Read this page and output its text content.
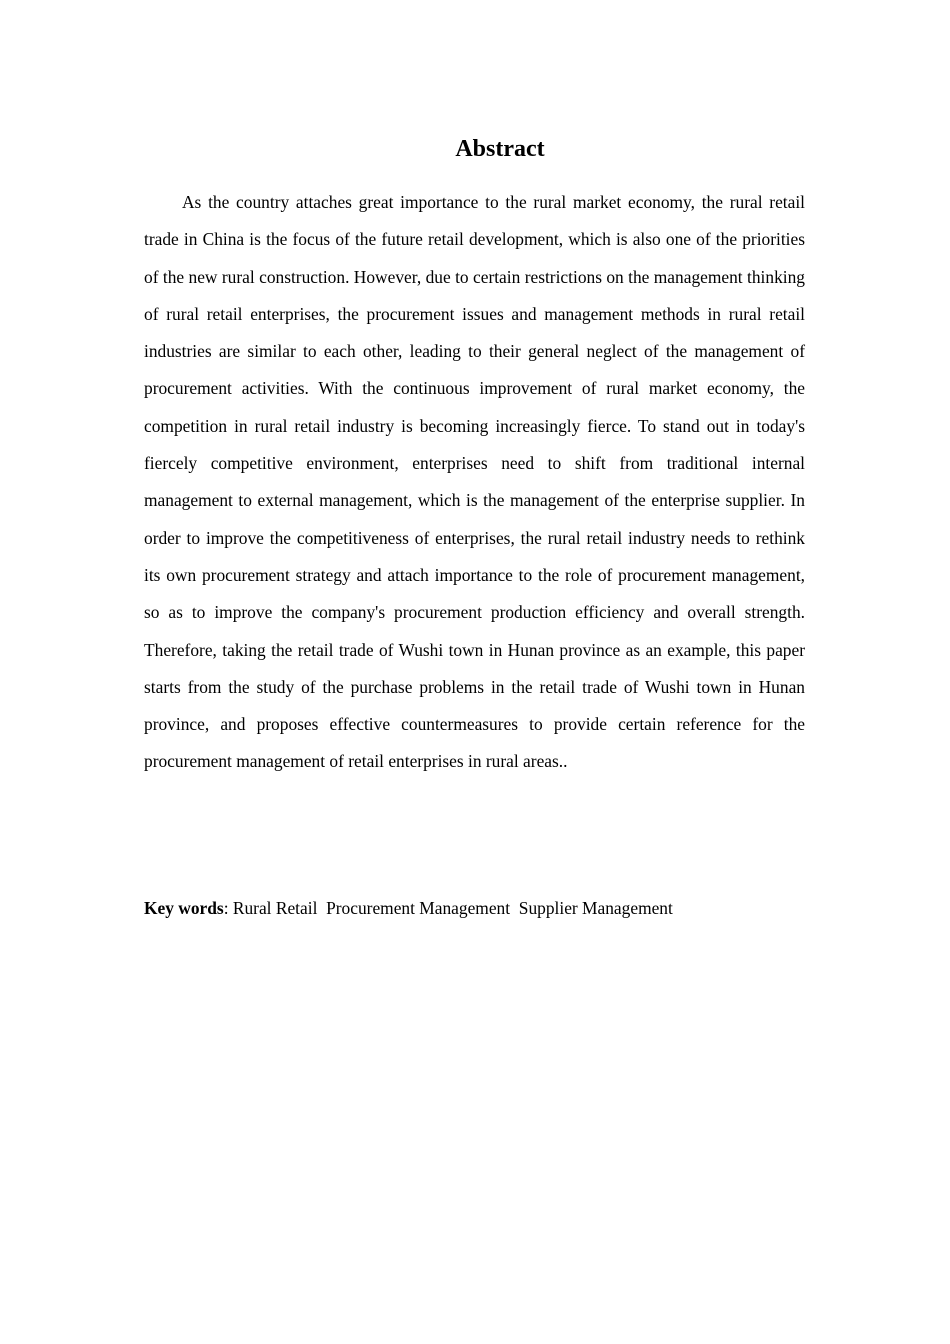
Abstract

As the country attaches great importance to the rural market economy, the rural retail trade in China is the focus of the future retail development, which is also one of the priorities of the new rural construction. However, due to certain restrictions on the management thinking of rural retail enterprises, the procurement issues and management methods in rural retail industries are similar to each other, leading to their general neglect of the management of procurement activities. With the continuous improvement of rural market economy, the competition in rural retail industry is becoming increasingly fierce. To stand out in today's fiercely competitive environment, enterprises need to shift from traditional internal management to external management, which is the management of the enterprise supplier. In order to improve the competitiveness of enterprises, the rural retail industry needs to rethink its own procurement strategy and attach importance to the role of procurement management, so as to improve the company's procurement production efficiency and overall strength. Therefore, taking the retail trade of Wushi town in Hunan province as an example, this paper starts from the study of the purchase problems in the retail trade of Wushi town in Hunan province, and proposes effective countermeasures to provide certain reference for the procurement management of retail enterprises in rural areas..

Key words: Rural Retail  Procurement Management  Supplier Management
